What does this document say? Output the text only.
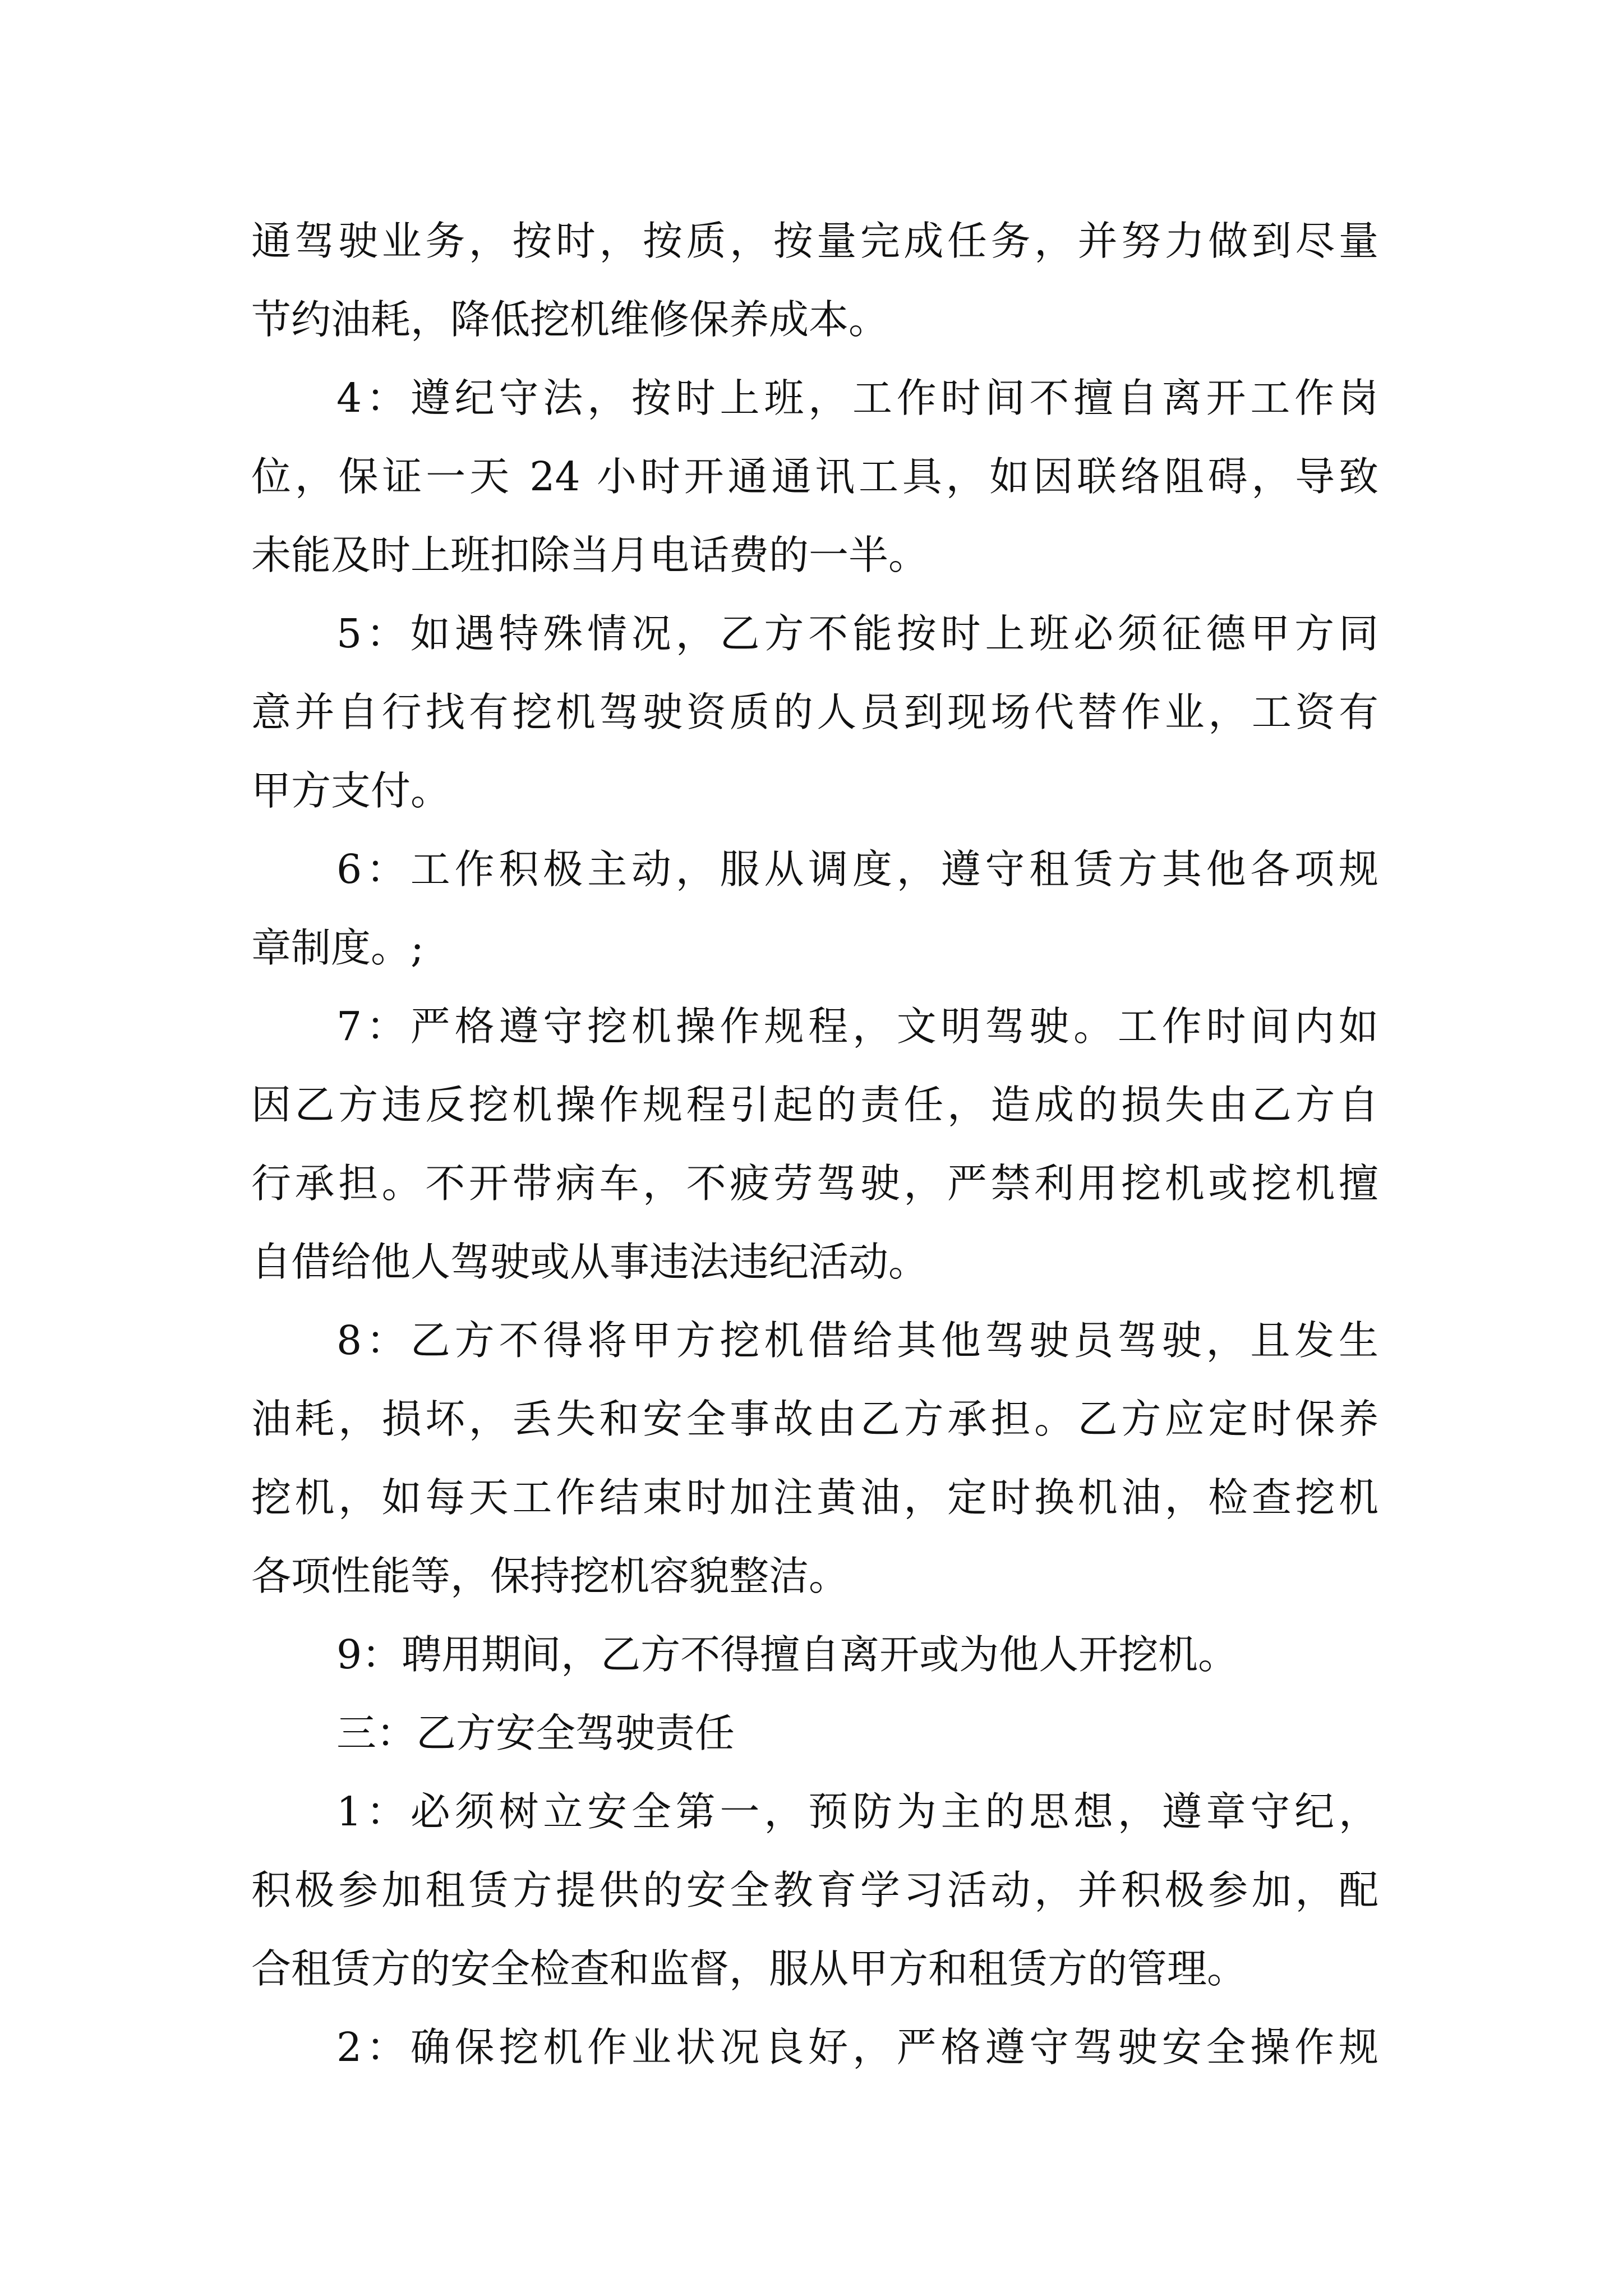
通驾驶业务，按时，按质，按量完成任务，并努力做到尽量
节约油耗，降低挖机维修保养成本。
4：遵纪守法，按时上班，工作时间不擅自离开工作岗
位，保证一天 24 小时开通通讯工具，如因联络阻碍，导致
未能及时上班扣除当月电话费的一半。
5：如遇特殊情况，乙方不能按时上班必须征德甲方同
意并自行找有挖机驾驶资质的人员到现场代替作业，工资有
甲方支付。
6：工作积极主动，服从调度，遵守租赁方其他各项规
章制度。;
7：严格遵守挖机操作规程，文明驾驶。工作时间内如
因乙方违反挖机操作规程引起的责任，造成的损失由乙方自
行承担。不开带病车，不疲劳驾驶，严禁利用挖机或挖机擅
自借给他人驾驶或从事违法违纪活动。
8：乙方不得将甲方挖机借给其他驾驶员驾驶，且发生
油耗，损坏，丢失和安全事故由乙方承担。乙方应定时保养
挖机，如每天工作结束时加注黄油，定时换机油，检查挖机
各项性能等，保持挖机容貌整洁。
9：聘用期间，乙方不得擅自离开或为他人开挖机。
三：乙方安全驾驶责任
1：必须树立安全第一，预防为主的思想，遵章守纪，
积极参加租赁方提供的安全教育学习活动，并积极参加，配
合租赁方的安全检查和监督，服从甲方和租赁方的管理。
2：确保挖机作业状况良好，严格遵守驾驶安全操作规
